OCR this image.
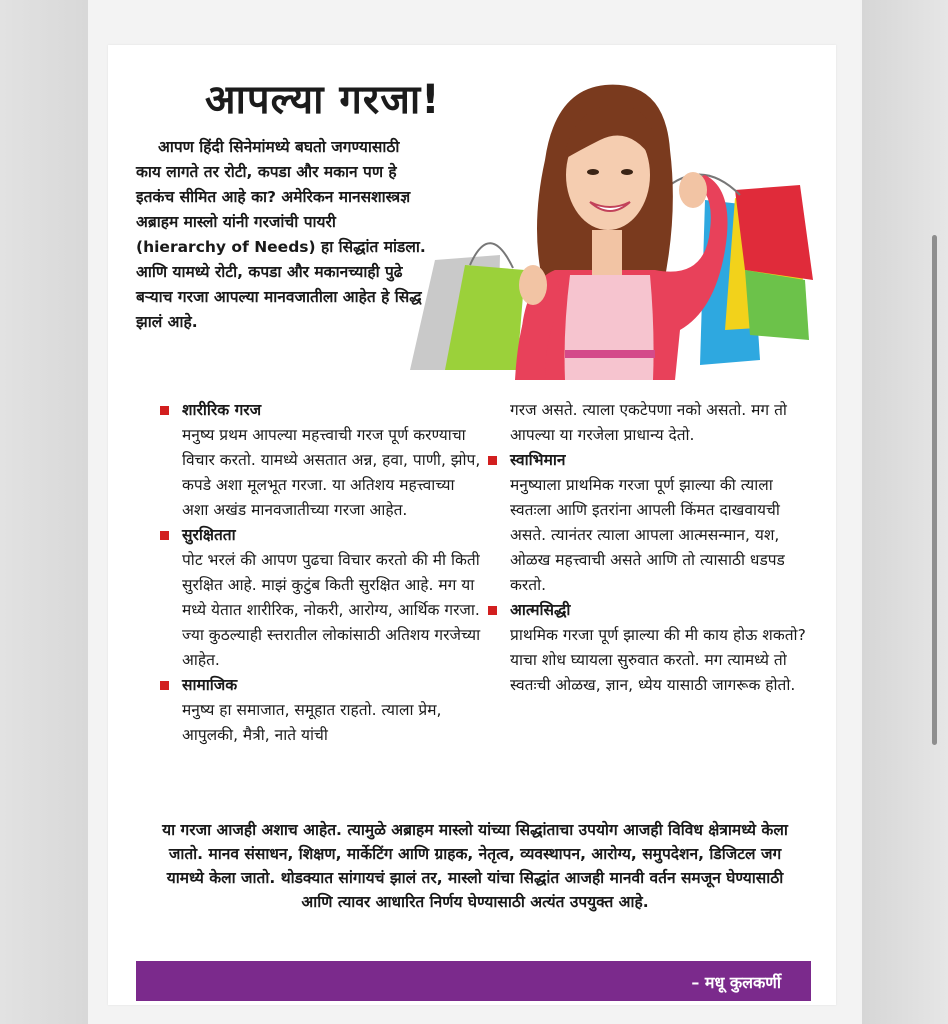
आपल्या गरजा!
आपण हिंदी सिनेमांमध्ये बघतो जगण्यासाठी काय लागते तर रोटी, कपडा और मकान पण हे इतकंच सीमित आहे का? अमेरिकन मानसशास्त्रज्ञ अब्राहम मास्लो यांनी गरजांची पायरी (hierarchy of Needs) हा सिद्धांत मांडला. आणि यामध्ये रोटी, कपडा और मकानच्याही पुढे बऱ्याच गरजा आपल्या मानवजातीला आहेत हे सिद्ध झालं आहे.
शारीरिक गरज
मनुष्य प्रथम आपल्या महत्त्वाची गरज पूर्ण करण्याचा विचार करतो. यामध्ये असतात अन्न, हवा, पाणी, झोप, कपडे अशा मूलभूत गरजा. या अतिशय महत्त्वाच्या अशा अखंड मानवजातीच्या गरजा आहेत.
सुरक्षितता
पोट भरलं की आपण पुढचा विचार करतो की मी किती सुरक्षित आहे. माझं कुटुंब किती सुरक्षित आहे. मग या मध्ये येतात शारीरिक, नोकरी, आरोग्य, आर्थिक गरजा. ज्या कुठल्याही स्त्तरातील लोकांसाठी अतिशय गरजेच्या आहेत.
सामाजिक
मनुष्य हा समाजात, समूहात राहतो. त्याला प्रेम, आपुलकी, मैत्री, नाते यांची
गरज असते. त्याला एकटेपणा नको असतो. मग तो आपल्या या गरजेला प्राधान्य देतो.
स्वाभिमान
मनुष्याला प्राथमिक गरजा पूर्ण झाल्या की त्याला स्वतःला आणि इतरांना आपली किंमत दाखवायची असते. त्यानंतर त्याला आपला आत्मसन्मान, यश, ओळख महत्त्वाची असते आणि तो त्यासाठी धडपड करतो.
आत्मसिद्धी
प्राथमिक गरजा पूर्ण झाल्या की मी काय होऊ शकतो? याचा शोध घ्यायला सुरुवात करतो. मग त्यामध्ये तो स्वतःची ओळख, ज्ञान, ध्येय यासाठी जागरूक होतो.
या गरजा आजही अशाच आहेत. त्यामुळे अब्राहम मास्लो यांच्या सिद्धांताचा उपयोग आजही विविध क्षेत्रामध्ये केला जातो. मानव संसाधन, शिक्षण, मार्केटिंग आणि ग्राहक, नेतृत्व, व्यवस्थापन, आरोग्य, समुपदेशन, डिजिटल जग यामध्ये केला जातो. थोडक्यात सांगायचं झालं तर, मास्लो यांचा सिद्धांत आजही मानवी वर्तन समजून घेण्यासाठी आणि त्यावर आधारित निर्णय घेण्यासाठी अत्यंत उपयुक्त आहे.
– मधू कुलकर्णी
